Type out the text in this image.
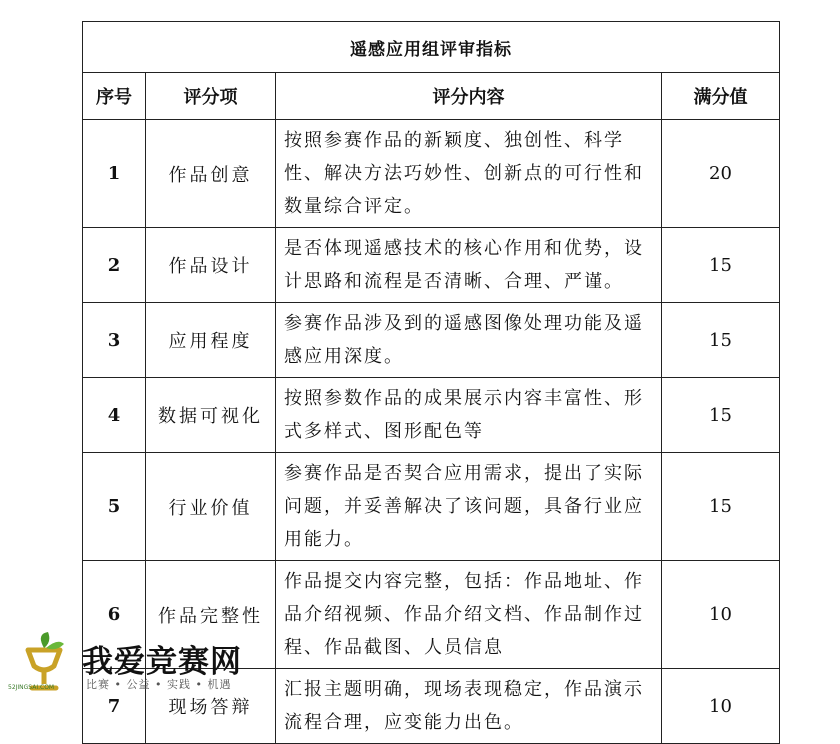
遥感应用组评审指标			
序号	评分项	评分内容	满分值
1	作品创意	按照参赛作品的新颖度、独创性、科学性、解决方法巧妙性、创新点的可行性和数量综合评定。	20
2	作品设计	是否体现遥感技术的核心作用和优势，设计思路和流程是否清晰、合理、严谨。	15
3	应用程度	参赛作品涉及到的遥感图像处理功能及遥感应用深度。	15
4	数据可视化	按照参数作品的成果展示内容丰富性、形式多样式、图形配色等	15
5	行业价值	参赛作品是否契合应用需求，提出了实际问题，并妥善解决了该问题，具备行业应用能力。	15
6	作品完整性	作品提交内容完整，包括：作品地址、作品介绍视频、作品介绍文档、作品制作过程、作品截图、人员信息	10
7	现场答辩	汇报主题明确，现场表现稳定，作品演示流程合理，应变能力出色。	10
52JINGSAI.COM
我爱竞赛网
比赛 • 公益 • 实践 • 机遇
